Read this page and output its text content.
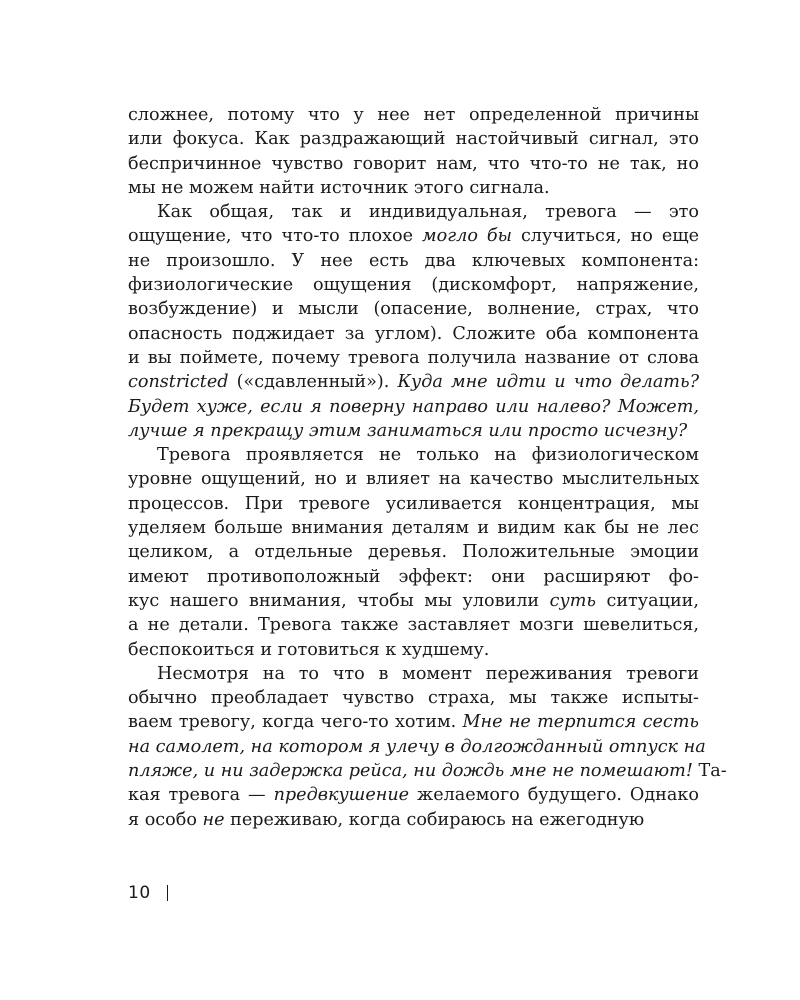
сложнее, потому что у нее нет определенной причины
или фокуса. Как раздражающий настойчивый сигнал, это
беспричинное чувство говорит нам, что что-то не так, но
мы не можем найти источник этого сигнала.
Как общая, так и индивидуальная, тревога — это
ощущение, что что-то плохое могло бы случиться, но еще
не произошло. У нее есть два ключевых компонента:
физиологические ощущения (дискомфорт, напряжение,
возбуждение) и мысли (опасение, волнение, страх, что
опасность поджидает за углом). Сложите оба компонента
и вы поймете, почему тревога получила название от слова
constricted («сдавленный»). Куда мне идти и что делать?
Будет хуже, если я поверну направо или налево? Может,
лучше я прекращу этим заниматься или просто исчезну?
Тревога проявляется не только на физиологическом
уровне ощущений, но и влияет на качество мыслительных
процессов. При тревоге усиливается концентрация, мы
уделяем больше внимания деталям и видим как бы не лес
целиком, а отдельные деревья. Положительные эмоции
имеют противоположный эффект: они расширяют фо-
кус нашего внимания, чтобы мы уловили суть ситуации,
а не детали. Тревога также заставляет мозги шевелиться,
беспокоиться и готовиться к худшему.
Несмотря на то что в момент переживания тревоги
обычно преобладает чувство страха, мы также испыты-
ваем тревогу, когда чего-то хотим. Мне не терпится сесть
на самолет, на котором я улечу в долгожданный отпуск на
пляже, и ни задержка рейса, ни дождь мне не помешают! Та-
кая тревога — предвкушение желаемого будущего. Однако
я особо не переживаю, когда собираюсь на ежегодную
10
